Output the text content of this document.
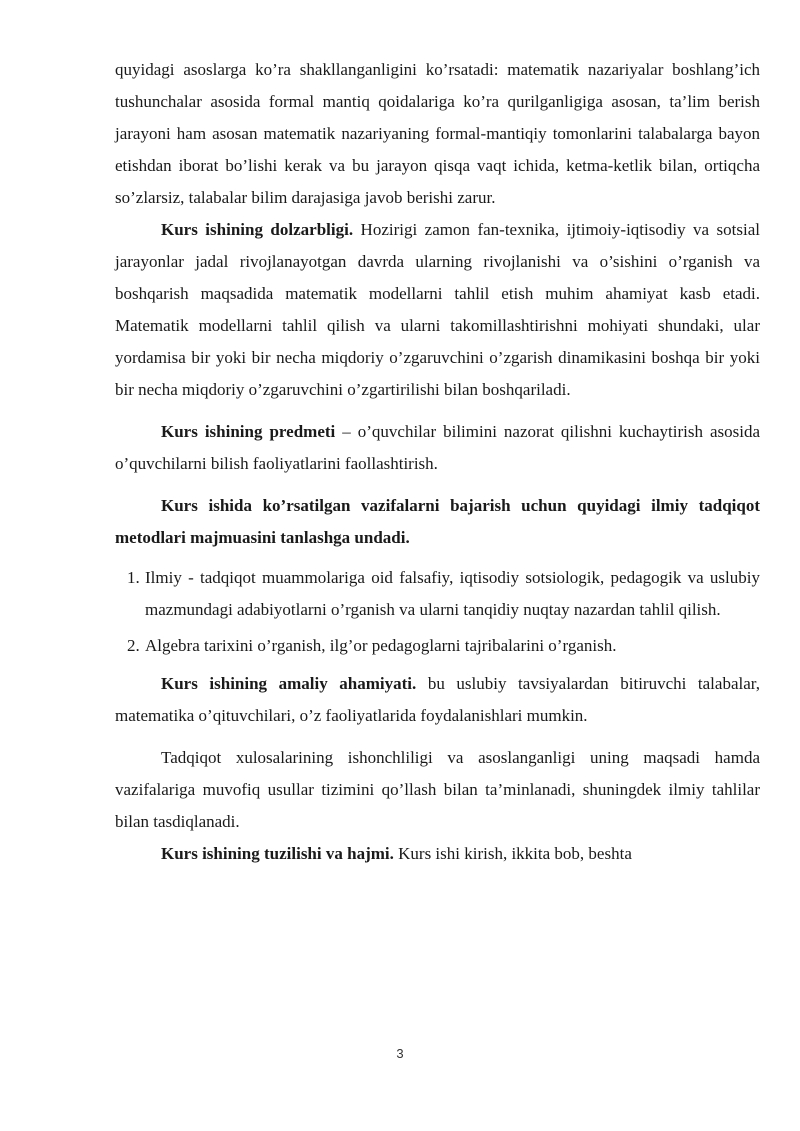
quyidagi asoslarga ko’ra shakllanganligini ko’rsatadi: matematik nazariyalar boshlang’ich tushunchalar asosida formal mantiq qoidalariga ko’ra qurilganligiga asosan, ta’lim berish jarayoni ham asosan matematik nazariyaning formal-mantiqiy tomonlarini talabalarga bayon etishdan iborat bo’lishi kerak va bu jarayon qisqa vaqt ichida, ketma-ketlik bilan, ortiqcha so’zlarsiz, talabalar bilim darajasiga javob berishi zarur.

Kurs ishining dolzarbligi. Hozirigi zamon fan-texnika, ijtimoiy-iqtisodiy va sotsial jarayonlar jadal rivojlanayotgan davrda ularning rivojlanishi va o’sishini o’rganish va boshqarish maqsadida matematik modellarni tahlil etish muhim ahamiyat kasb etadi. Matematik modellarni tahlil qilish va ularni takomillashtirishni mohiyati shundaki, ular yordamisa bir yoki bir necha miqdoriy o’zgaruvchini o’zgarish dinamikasini boshqa bir yoki bir necha miqdoriy o’zgaruvchini o’zgartirilishi bilan boshqariladi.

Kurs ishining predmeti – o’quvchilar bilimini nazorat qilishni kuchaytirish asosida o’quvchilarni bilish faoliyatlarini faollashtirish.

Kurs ishida ko’rsatilgan vazifalarni bajarish uchun quyidagi ilmiy tadqiqot metodlari majmuasini tanlashga undadi.

1. Ilmiy - tadqiqot muammolariga oid falsafiy, iqtisodiy sotsiologik, pedagogik va uslubiy mazmundagi adabiyotlarni o’rganish va ularni tanqidiy nuqtay nazardan tahlil qilish.
2. Algebra tarixini o’rganish, ilg’or pedagoglarni tajribalarini o’rganish.

Kurs ishining amaliy ahamiyati. bu uslubiy tavsiyalardan bitiruvchi talabalar, matematika o’qituvchilari, o’z faoliyatlarida foydalanishlari mumkin.

Tadqiqot xulosalarining ishonchliligi va asoslanganligi uning maqsadi hamda vazifalariga muvofiq usullar tizimini qo’llash bilan ta’minlanadi, shuningdek ilmiy tahlilar bilan tasdiqlanadi.

Kurs ishining tuzilishi va hajmi. Kurs ishi kirish, ikkita bob, beshta

3
